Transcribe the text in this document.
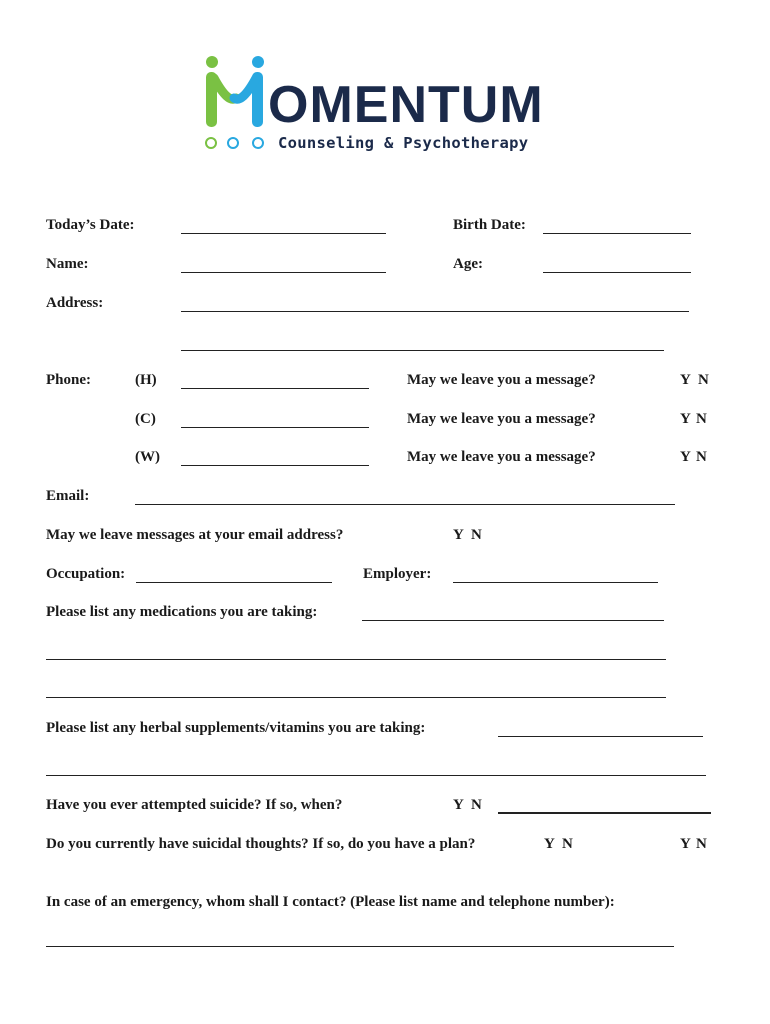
OMENTUM
Counseling & Psychotherapy
Today’s Date:	Birth Date:
Name:	Age:
Address:
Phone:	(H)	May we leave you a message?	Y N
(C)	May we leave you a message?	Y N
(W)	May we leave you a message?	Y N
Email:
May we leave messages at your email address?	Y N
Occupation:	Employer:
Please list any medications you are taking:
Please list any herbal supplements/vitamins you are taking:
Have you ever attempted suicide? If so, when?	Y N
Do you currently have suicidal thoughts? If so, do you have a plan?	Y N	Y N
In case of an emergency, whom shall I contact? (Please list name and telephone number):
